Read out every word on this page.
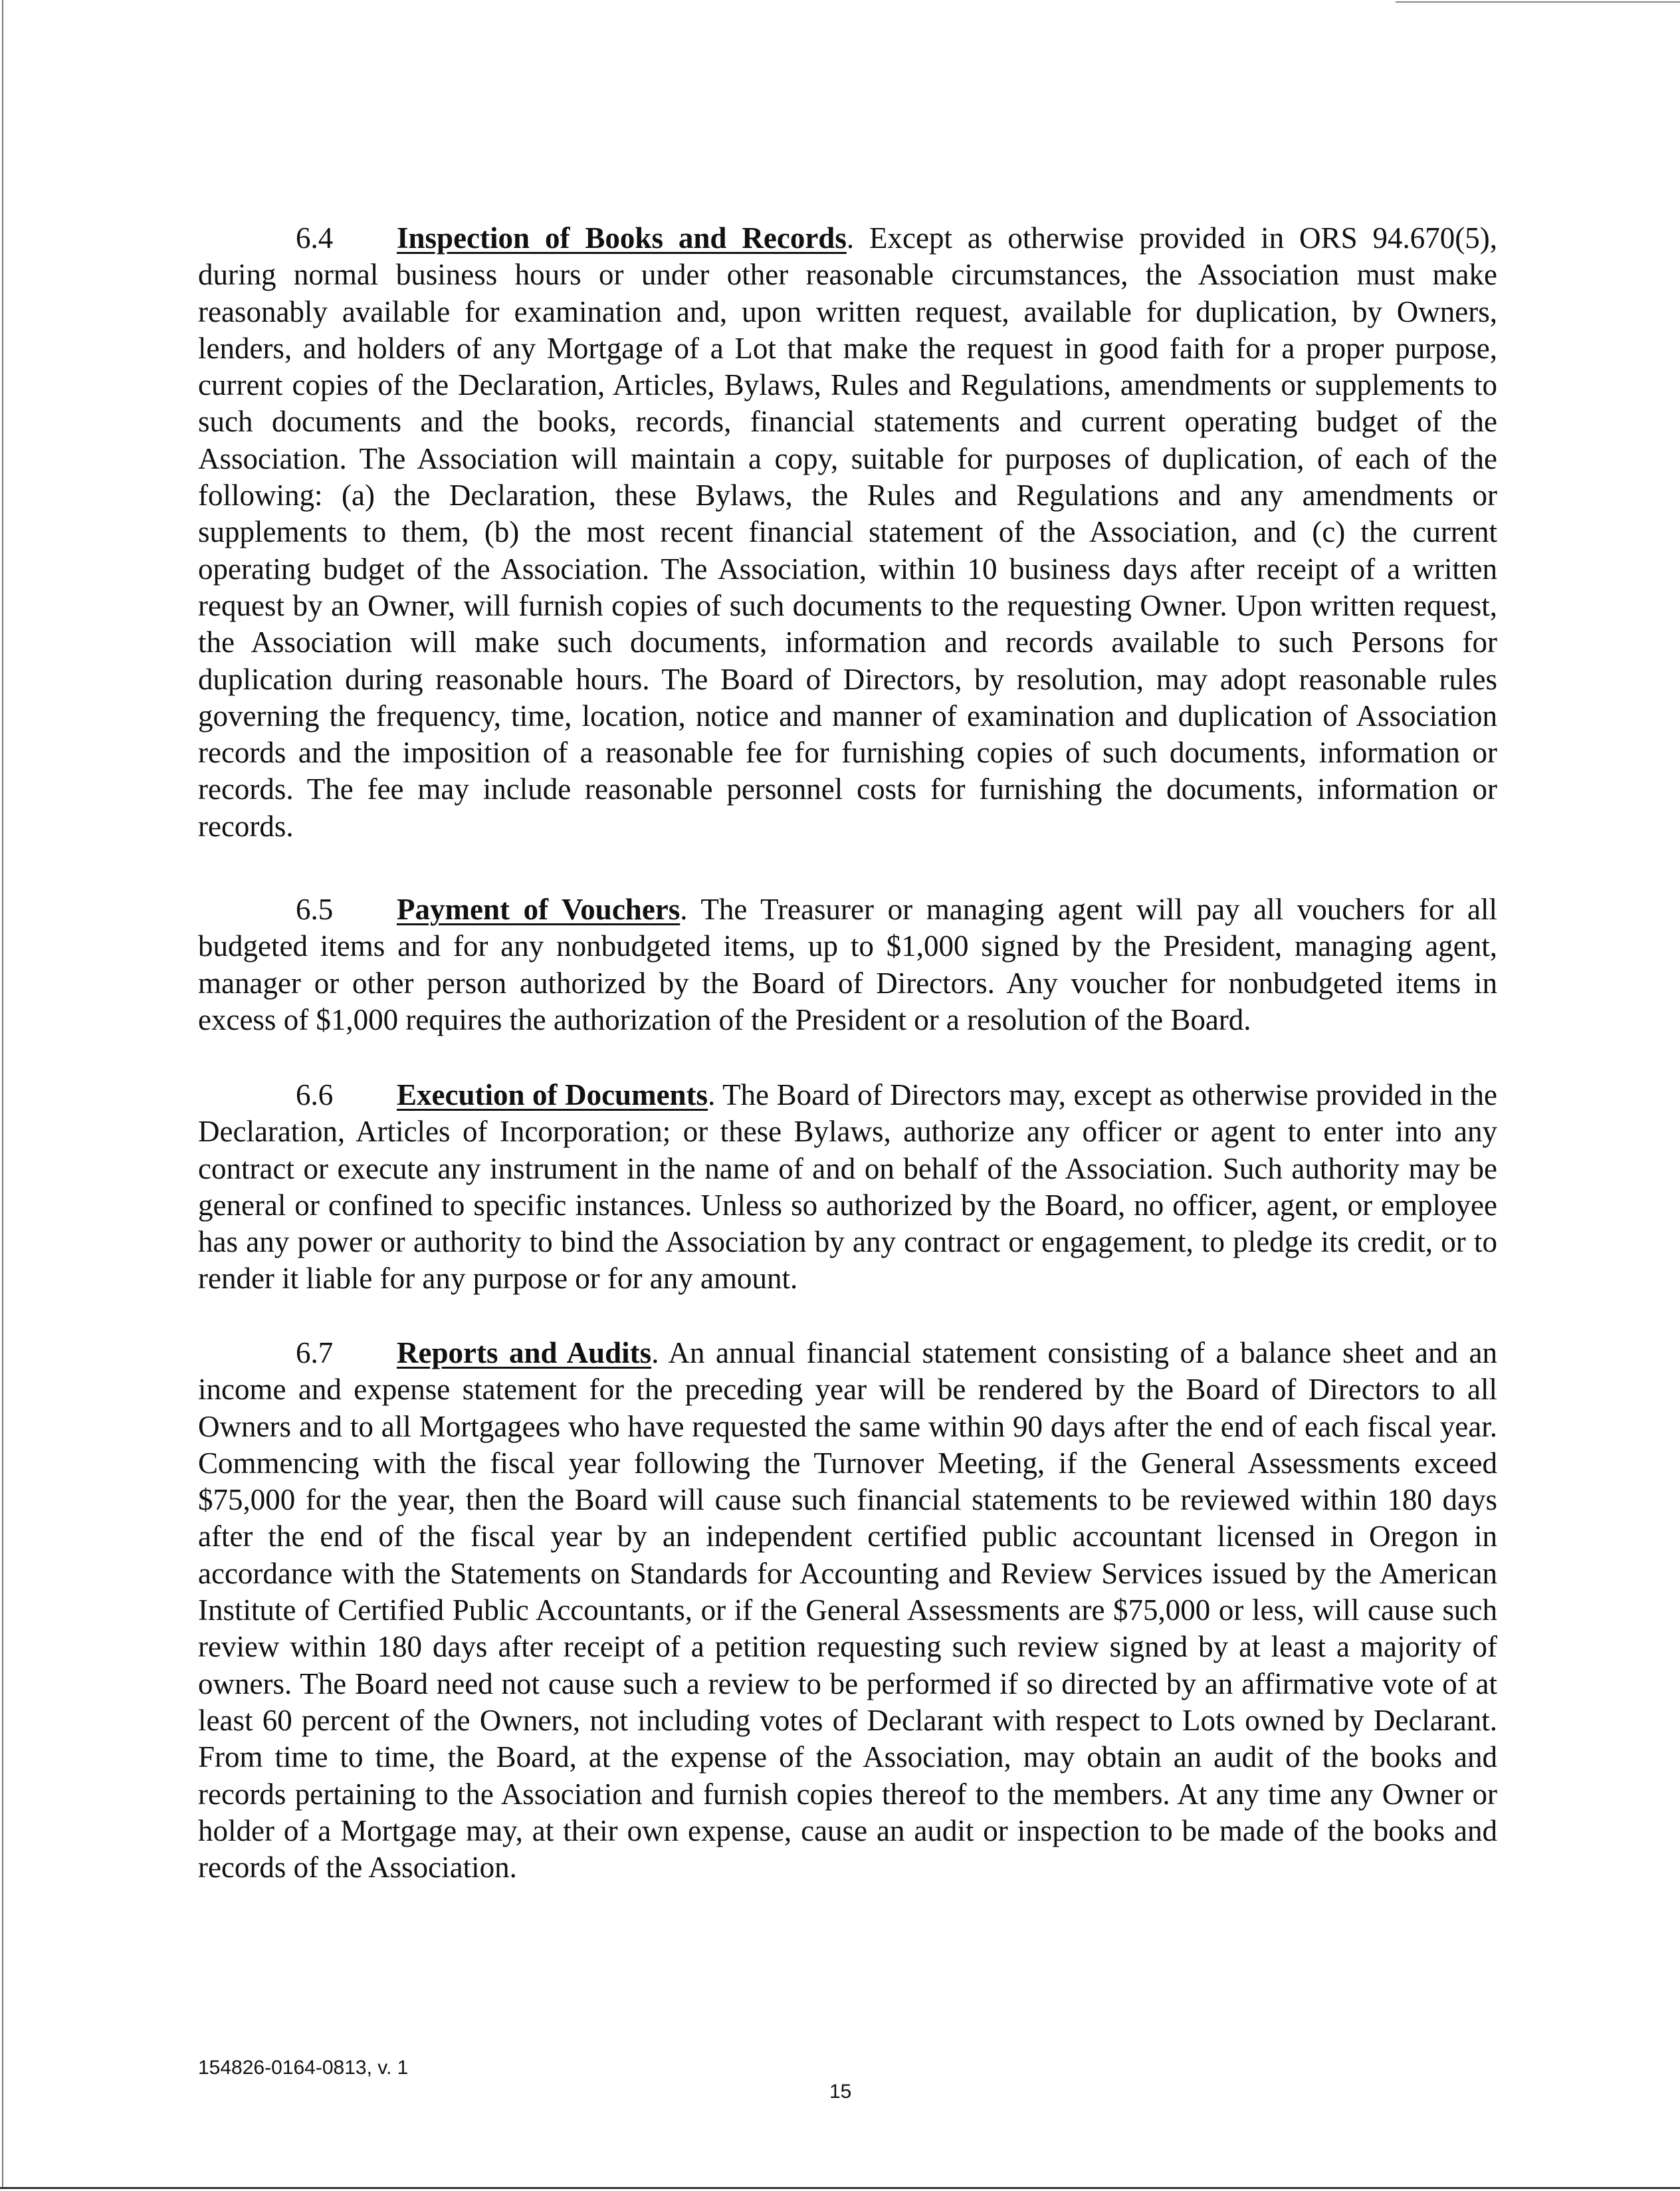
6.4 Inspection of Books and Records. Except as otherwise provided in ORS 94.670(5), during normal business hours or under other reasonable circumstances, the Association must make reasonably available for examination and, upon written request, available for duplication, by Owners, lenders, and holders of any Mortgage of a Lot that make the request in good faith for a proper purpose, current copies of the Declaration, Articles, Bylaws, Rules and Regulations, amendments or supplements to such documents and the books, records, financial statements and current operating budget of the Association. The Association will maintain a copy, suitable for purposes of duplication, of each of the following: (a) the Declaration, these Bylaws, the Rules and Regulations and any amendments or supplements to them, (b) the most recent financial statement of the Association, and (c) the current operating budget of the Association. The Association, within 10 business days after receipt of a written request by an Owner, will furnish copies of such documents to the requesting Owner. Upon written request, the Association will make such documents, information and records available to such Persons for duplication during reasonable hours. The Board of Directors, by resolution, may adopt reasonable rules governing the frequency, time, location, notice and manner of examination and duplication of Association records and the imposition of a reasonable fee for furnishing copies of such documents, information or records. The fee may include reasonable personnel costs for furnishing the documents, information or records.

6.5 Payment of Vouchers. The Treasurer or managing agent will pay all vouchers for all budgeted items and for any nonbudgeted items, up to $1,000 signed by the President, managing agent, manager or other person authorized by the Board of Directors. Any voucher for nonbudgeted items in excess of $1,000 requires the authorization of the President or a resolution of the Board.

6.6 Execution of Documents. The Board of Directors may, except as otherwise provided in the Declaration, Articles of Incorporation; or these Bylaws, authorize any officer or agent to enter into any contract or execute any instrument in the name of and on behalf of the Association. Such authority may be general or confined to specific instances. Unless so authorized by the Board, no officer, agent, or employee has any power or authority to bind the Association by any contract or engagement, to pledge its credit, or to render it liable for any purpose or for any amount.

6.7 Reports and Audits. An annual financial statement consisting of a balance sheet and an income and expense statement for the preceding year will be rendered by the Board of Directors to all Owners and to all Mortgagees who have requested the same within 90 days after the end of each fiscal year. Commencing with the fiscal year following the Turnover Meeting, if the General Assessments exceed $75,000 for the year, then the Board will cause such financial statements to be reviewed within 180 days after the end of the fiscal year by an independent certified public accountant licensed in Oregon in accordance with the Statements on Standards for Accounting and Review Services issued by the American Institute of Certified Public Accountants, or if the General Assessments are $75,000 or less, will cause such review within 180 days after receipt of a petition requesting such review signed by at least a majority of owners. The Board need not cause such a review to be performed if so directed by an affirmative vote of at least 60 percent of the Owners, not including votes of Declarant with respect to Lots owned by Declarant. From time to time, the Board, at the expense of the Association, may obtain an audit of the books and records pertaining to the Association and furnish copies thereof to the members. At any time any Owner or holder of a Mortgage may, at their own expense, cause an audit or inspection to be made of the books and records of the Association.

154826-0164-0813, v. 1
15
